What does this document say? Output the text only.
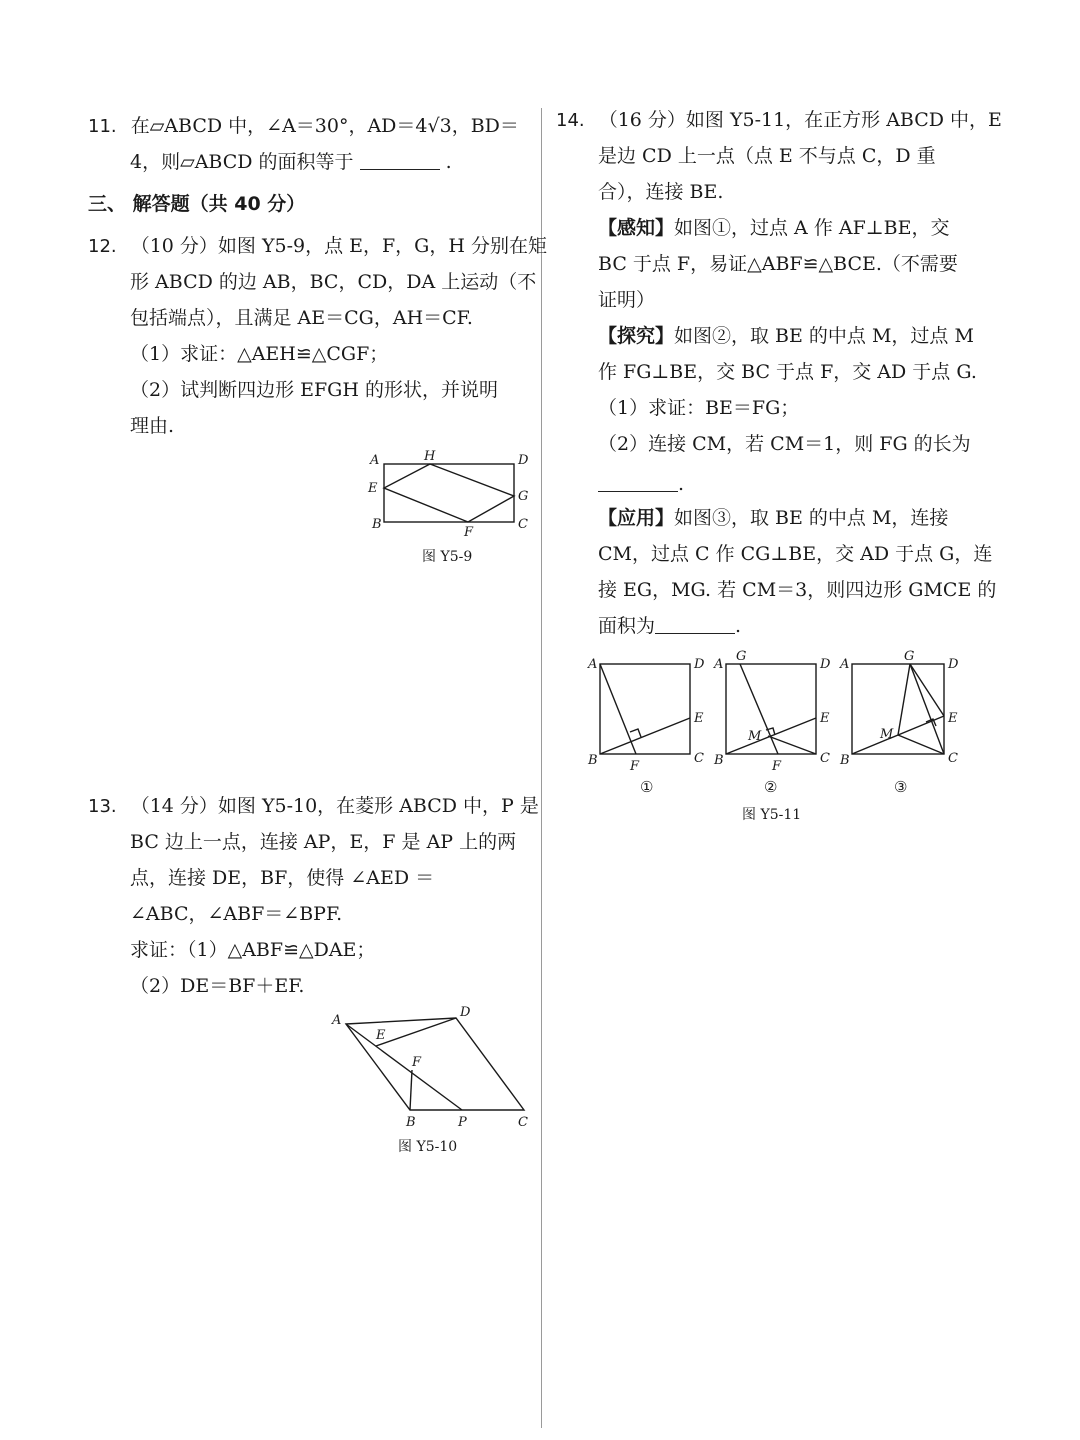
11. 在▱ABCD 中，∠A＝30°，AD＝4√3，BD＝
4，则▱ABCD 的面积等于	.
三、 解答题（共 40 分）
12. （10 分）如图 Y5-9，点 E，F，G，H 分别在矩
形 ABCD 的边 AB，BC，CD，DA 上运动（不
包括端点），且满足 AE＝CG，AH＝CF.
（1）求证：△AEH≌△CGF；
（2）试判断四边形 EFGH 的形状，并说明
理由.
A	H	D
E
G
B
F
C
图 Y5-9
13. （14 分）如图 Y5-10，在菱形 ABCD 中，P 是
BC 边上一点，连接 AP，E，F 是 AP 上的两
点，连接 DE，BF，使得 ∠AED ＝
∠ABC，∠ABF＝∠BPF.
求证：（1）△ABF≌△DAE；
（2）DE＝BF＋EF.
A
D
E
F
B	P	C
图 Y5-10
14. （16 分）如图 Y5-11，在正方形 ABCD 中，E
是边 CD 上一点（点 E 不与点 C，D 重
合），连接 BE.
【感知】如图①，过点 A 作 AF⊥BE，交
BC 于点 F，易证△ABF≌△BCE.（不需要
证明）
【探究】如图②，取 BE 的中点 M，过点 M
作 FG⊥BE，交 BC 于点 F，交 AD 于点 G.
（1）求证：BE＝FG；
（2）连接 CM，若 CM＝1，则 FG 的长为
.
【应用】如图③，取 BE 的中点 M，连接
CM，过点 C 作 CG⊥BE，交 AD 于点 G，连
接 EG，MG. 若 CM＝3，则四边形 GMCE 的
面积为	.
A	D
E
B F
C
①
A
G
D
E
M
B	F
C
②
A
G
D
E
M
B	C
③
图 Y5-11
